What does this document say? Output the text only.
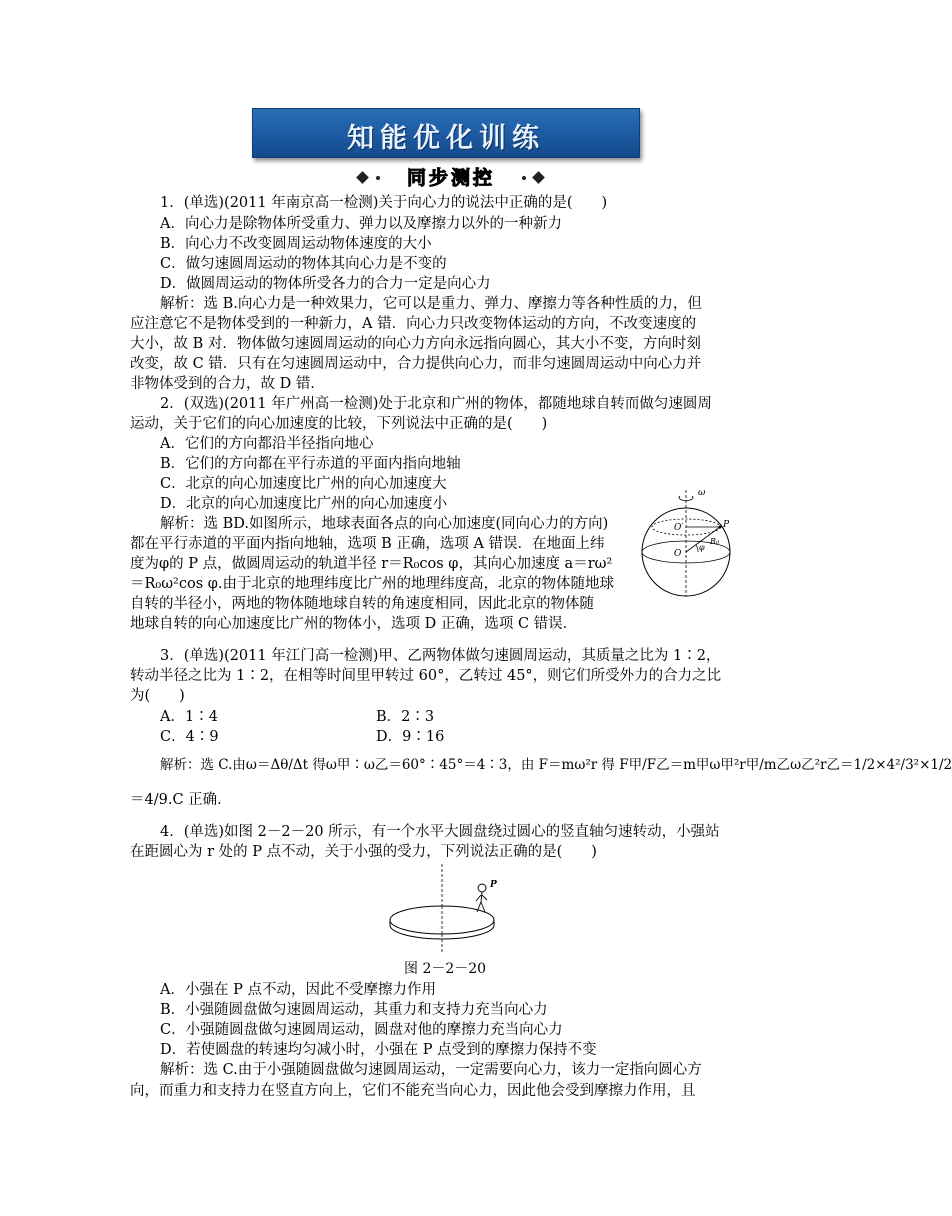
知能优化训练
同步测控
1．(单选)(2011 年南京高一检测)关于向心力的说法中正确的是(　　)
A．向心力是除物体所受重力、弹力以及摩擦力以外的一种新力
B．向心力不改变圆周运动物体速度的大小
C．做匀速圆周运动的物体其向心力是不变的
D．做圆周运动的物体所受各力的合力一定是向心力
解析：选 B.向心力是一种效果力，它可以是重力、弹力、摩擦力等各种性质的力，但
应注意它不是物体受到的一种新力，A 错．向心力只改变物体运动的方向，不改变速度的
大小，故 B 对．物体做匀速圆周运动的向心力方向永远指向圆心，其大小不变，方向时刻
改变，故 C 错．只有在匀速圆周运动中，合力提供向心力，而非匀速圆周运动中向心力并
非物体受到的合力，故 D 错．
2．(双选)(2011 年广州高一检测)处于北京和广州的物体，都随地球自转而做匀速圆周
运动，关于它们的向心加速度的比较，下列说法中正确的是(　　)
A．它们的方向都沿半径指向地心
B．它们的方向都在平行赤道的平面内指向地轴
C．北京的向心加速度比广州的向心加速度大
D．北京的向心加速度比广州的向心加速度小
解析：选 BD.如图所示，地球表面各点的向心加速度(同向心力的方向)
都在平行赤道的平面内指向地轴，选项 B 正确，选项 A 错误．在地面上纬
度为φ的 P 点，做圆周运动的轨道半径 r＝R₀cos φ，其向心加速度 a＝rω²
＝R₀ω²cos φ.由于北京的地理纬度比广州的地理纬度高，北京的物体随地球
自转的半径小，两地的物体随地球自转的角速度相同，因此北京的物体随
地球自转的向心加速度比广州的物体小，选项 D 正确，选项 C 错误．
ω
O′	P
R₀
O
φ
3．(单选)(2011 年江门高一检测)甲、乙两物体做匀速圆周运动，其质量之比为 1∶2，
转动半径之比为 1∶2，在相等时间里甲转过 60°，乙转过 45°，则它们所受外力的合力之比
为(　　)
A．1∶4	B．2∶3
C．4∶9	D．9∶16
解析：选 C.由ω＝Δθ/Δt 得ω甲∶ω乙＝60°∶45°＝4∶3，由 F＝mω²r 得 F甲/F乙＝m甲ω甲²r甲/m乙ω乙²r乙＝1/2×4²/3²×1/2
＝4/9.C 正确．
4．(单选)如图 2－2－20 所示，有一个水平大圆盘绕过圆心的竖直轴匀速转动，小强站
在距圆心为 r 处的 P 点不动，关于小强的受力，下列说法正确的是(　　)
P
图 2－2－20
A．小强在 P 点不动，因此不受摩擦力作用
B．小强随圆盘做匀速圆周运动，其重力和支持力充当向心力
C．小强随圆盘做匀速圆周运动，圆盘对他的摩擦力充当向心力
D．若使圆盘的转速均匀减小时，小强在 P 点受到的摩擦力保持不变
解析：选 C.由于小强随圆盘做匀速圆周运动，一定需要向心力，该力一定指向圆心方
向，而重力和支持力在竖直方向上，它们不能充当向心力，因此他会受到摩擦力作用，且
